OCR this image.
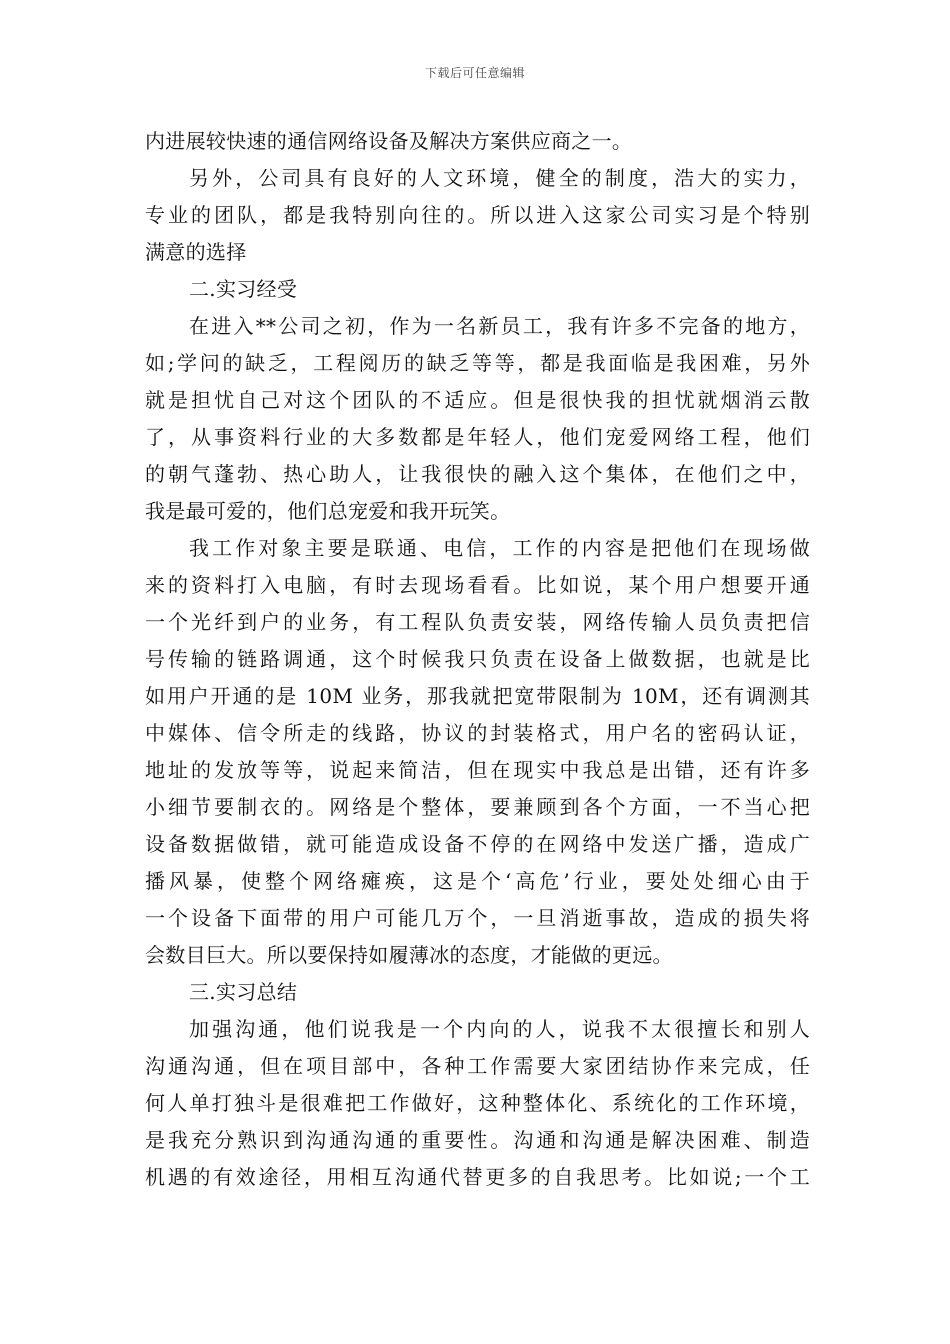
下载后可任意编辑
内进展较快速的通信网络设备及解决方案供应商之一。
另外，公司具有良好的人文环境，健全的制度，浩大的实力，
专业的团队，都是我特别向往的。所以进入这家公司实习是个特别
满意的选择
二.实习经受
在进入**公司之初，作为一名新员工，我有许多不完备的地方，
如;学问的缺乏，工程阅历的缺乏等等，都是我面临是我困难，另外
就是担忧自己对这个团队的不适应。但是很快我的担忧就烟消云散
了，从事资料行业的大多数都是年轻人，他们宠爱网络工程，他们
的朝气蓬勃、热心助人，让我很快的融入这个集体，在他们之中，
我是最可爱的，他们总宠爱和我开玩笑。
我工作对象主要是联通、电信，工作的内容是把他们在现场做
来的资料打入电脑，有时去现场看看。比如说，某个用户想要开通
一个光纤到户的业务，有工程队负责安装，网络传输人员负责把信
号传输的链路调通，这个时候我只负责在设备上做数据，也就是比
如用户开通的是 10M 业务，那我就把宽带限制为 10M，还有调测其
中媒体、信令所走的线路，协议的封装格式，用户名的密码认证，
地址的发放等等，说起来简洁，但在现实中我总是出错，还有许多
小细节要制衣的。网络是个整体，要兼顾到各个方面，一不当心把
设备数据做错，就可能造成设备不停的在网络中发送广播，造成广
播风暴，使整个网络瘫痪，这是个‘高危’行业，要处处细心由于
一个设备下面带的用户可能几万个，一旦消逝事故，造成的损失将
会数目巨大。所以要保持如履薄冰的态度，才能做的更远。
三.实习总结
加强沟通，他们说我是一个内向的人，说我不太很擅长和别人
沟通沟通，但在项目部中，各种工作需要大家团结协作来完成，任
何人单打独斗是很难把工作做好，这种整体化、系统化的工作环境，
是我充分熟识到沟通沟通的重要性。沟通和沟通是解决困难、制造
机遇的有效途径，用相互沟通代替更多的自我思考。比如说;一个工
